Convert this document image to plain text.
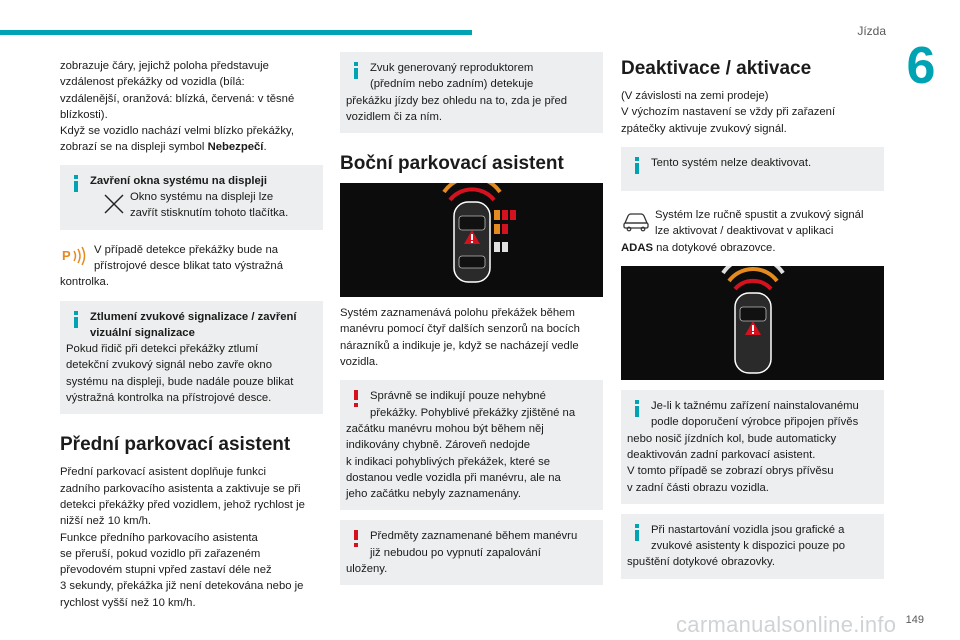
Jízda
6

zobrazuje čáry, jejichž poloha představuje

vzdálenost překážky od vozidla (bílá:

vzdálenější, oranžová: blízká, červená: v těsné

blízkosti).

Když se vozidlo nachází velmi blízko překážky,

zobrazí se na displeji symbol Nebezpečí.

Zavření okna systému na displeji

Okno systému na displeji lze

zavřít stisknutím tohoto tlačítka.

P V případě detekce překážky bude na

přístrojové desce blikat tato výstražná

kontrolka.

Ztlumení zvukové signalizace / zavření

vizuální signalizace

Pokud řidič při detekci překážky ztlumí

detekční zvukový signál nebo zavře okno

systému na displeji, bude nadále pouze blikat

výstražná kontrolka na přístrojové desce.

Přední parkovací asistent

Přední parkovací asistent doplňuje funkci

zadního parkovacího asistenta a zaktivuje se při

detekci překážky před vozidlem, jehož rychlost je

nižší než 10 km/h.

Funkce předního parkovacího asistenta

se přeruší, pokud vozidlo při zařazeném

převodovém stupni vpřed zastaví déle než

3 sekundy, překážka již není detekována nebo je

rychlost vyšší než 10 km/h.

Zvuk generovaný reproduktorem

(předním nebo zadním) detekuje

překážku jízdy bez ohledu na to, zda je před

vozidlem či za ním.

Boční parkovací asistent

Systém zaznamenává polohu překážek během

manévru pomocí čtyř dalších senzorů na bocích

nárazníků a indikuje je, když se nacházejí vedle

vozidla.

Správně se indikují pouze nehybné

překážky. Pohyblivé překážky zjištěné na

začátku manévru mohou být během něj

indikovány chybně. Zároveň nedojde

k indikaci pohyblivých překážek, které se

dostanou vedle vozidla při manévru, ale na

jeho začátku nebyly zaznamenány.

Předměty zaznamenané během manévru

již nebudou po vypnutí zapalování

uloženy.

Deaktivace / aktivace

(V závislosti na zemi prodeje)

V výchozím nastavení se vždy při zařazení

zpátečky aktivuje zvukový signál.

Tento systém nelze deaktivovat.

Systém lze ručně spustit a zvukový signál

lze aktivovat / deaktivovat v aplikaci

ADAS na dotykové obrazovce.

Je-li k tažnému zařízení nainstalovanému

podle doporučení výrobce připojen přívěs

nebo nosič jízdních kol, bude automaticky

deaktivován zadní parkovací asistent.

V tomto případě se zobrazí obrys přívěsu

v zadní části obrazu vozidla.

Při nastartování vozidla jsou grafické a

zvukové asistenty k dispozici pouze po

spuštění dotykové obrazovky.

carmanualsonline.info 149
